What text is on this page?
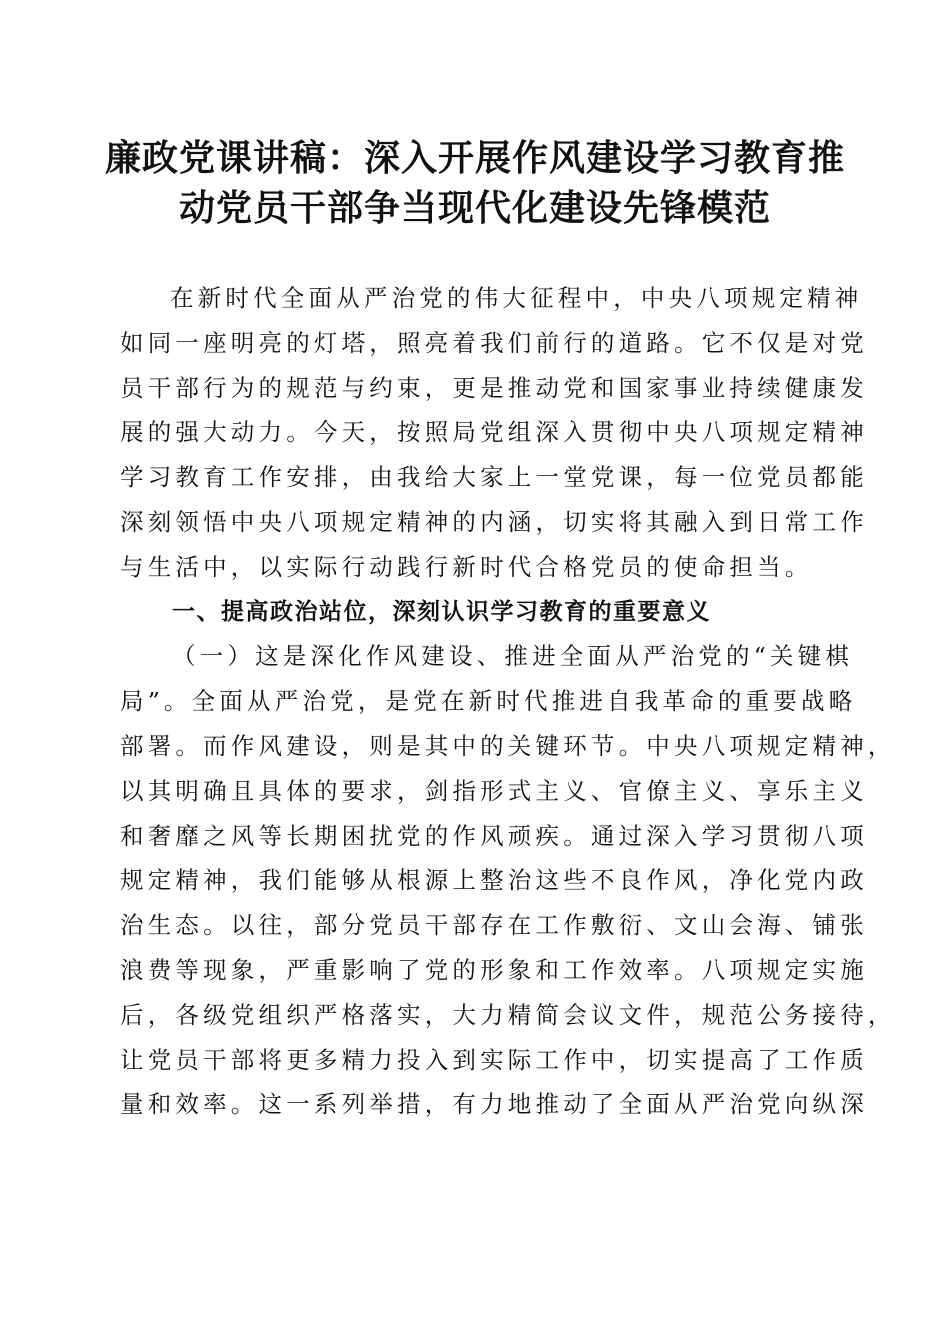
廉政党课讲稿：深入开展作风建设学习教育推
动党员干部争当现代化建设先锋模范

在新时代全面从严治党的伟大征程中，中央八项规定精神
如同一座明亮的灯塔，照亮着我们前行的道路。它不仅是对党
员干部行为的规范与约束，更是推动党和国家事业持续健康发
展的强大动力。今天，按照局党组深入贯彻中央八项规定精神
学习教育工作安排，由我给大家上一堂党课，每一位党员都能
深刻领悟中央八项规定精神的内涵，切实将其融入到日常工作
与生活中，以实际行动践行新时代合格党员的使命担当。

一、提高政治站位，深刻认识学习教育的重要意义

（一）这是深化作风建设、推进全面从严治党的“关键棋
局”。全面从严治党，是党在新时代推进自我革命的重要战略
部署。而作风建设，则是其中的关键环节。中央八项规定精神，
以其明确且具体的要求，剑指形式主义、官僚主义、享乐主义
和奢靡之风等长期困扰党的作风顽疾。通过深入学习贯彻八项
规定精神，我们能够从根源上整治这些不良作风，净化党内政
治生态。以往，部分党员干部存在工作敷衍、文山会海、铺张
浪费等现象，严重影响了党的形象和工作效率。八项规定实施
后，各级党组织严格落实，大力精简会议文件，规范公务接待，
让党员干部将更多精力投入到实际工作中，切实提高了工作质
量和效率。这一系列举措，有力地推动了全面从严治党向纵深
